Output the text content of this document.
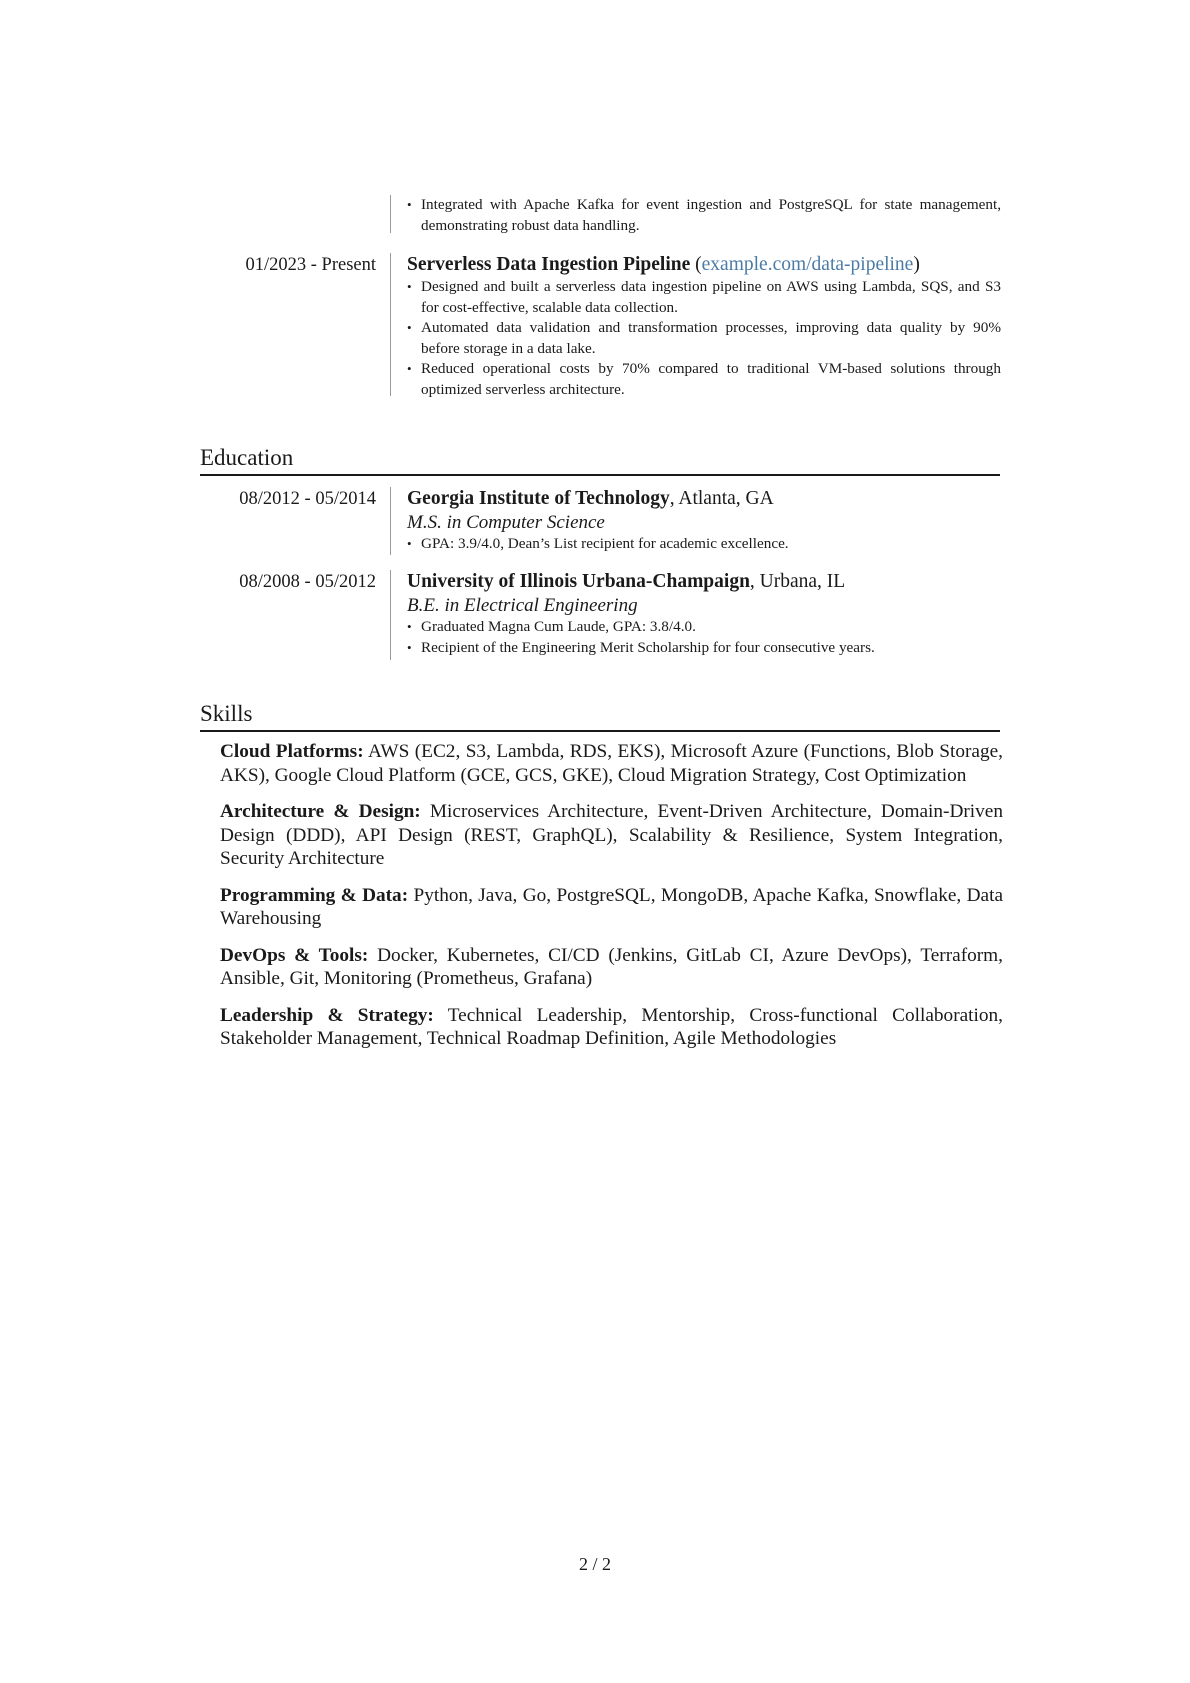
• Integrated with Apache Kafka for event ingestion and PostgreSQL for state management, demonstrating robust data handling.
01/2023 - Present Serverless Data Ingestion Pipeline (example.com/data-pipeline)
• Designed and built a serverless data ingestion pipeline on AWS using Lambda, SQS, and S3 for cost-effective, scalable data collection.
• Automated data validation and transformation processes, improving data quality by 90% before storage in a data lake.
• Reduced operational costs by 70% compared to traditional VM-based solutions through optimized serverless architecture.
Education
08/2012 - 05/2014 Georgia Institute of Technology, Atlanta, GA
M.S. in Computer Science
• GPA: 3.9/4.0, Dean’s List recipient for academic excellence.
08/2008 - 05/2012 University of Illinois Urbana-Champaign, Urbana, IL
B.E. in Electrical Engineering
• Graduated Magna Cum Laude, GPA: 3.8/4.0.
• Recipient of the Engineering Merit Scholarship for four consecutive years.
Skills
Cloud Platforms: AWS (EC2, S3, Lambda, RDS, EKS), Microsoft Azure (Functions, Blob Storage, AKS), Google Cloud Platform (GCE, GCS, GKE), Cloud Migration Strategy, Cost Optimization
Architecture & Design: Microservices Architecture, Event-Driven Architecture, Domain-Driven Design (DDD), API Design (REST, GraphQL), Scalability & Resilience, System Integration, Security Architecture
Programming & Data: Python, Java, Go, PostgreSQL, MongoDB, Apache Kafka, Snowflake, Data Warehousing
DevOps & Tools: Docker, Kubernetes, CI/CD (Jenkins, GitLab CI, Azure DevOps), Terraform, Ansible, Git, Monitoring (Prometheus, Grafana)
Leadership & Strategy: Technical Leadership, Mentorship, Cross-functional Collaboration, Stakeholder Management, Technical Roadmap Definition, Agile Methodologies
2 / 2
